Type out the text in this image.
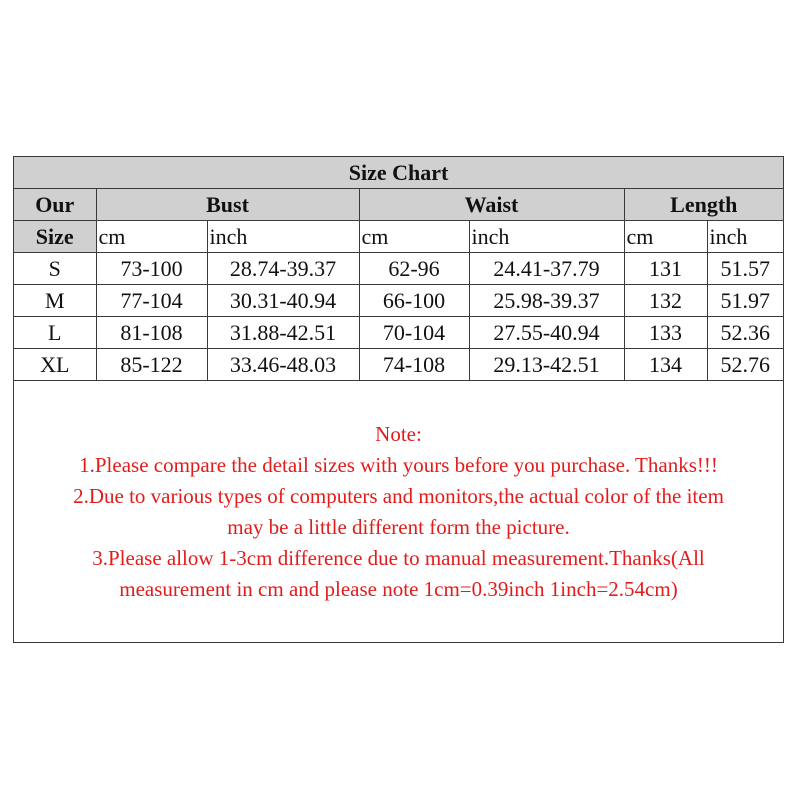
Size Chart						
Our	Bust		Waist		Length	
Size	cm	inch	cm	inch	cm	inch
S	73-100	28.74-39.37	62-96	24.41-37.79	131	51.57
M	77-104	30.31-40.94	66-100	25.98-39.37	132	51.97
L	81-108	31.88-42.51	70-104	27.55-40.94	133	52.36
XL	85-122	33.46-48.03	74-108	29.13-42.51	134	52.76
Note:
1.Please compare the detail sizes with yours before you purchase. Thanks!!!
2.Due to various types of computers and monitors,the actual color of the item
may be a little different form the picture.
3.Please allow 1-3cm difference due to manual measurement.Thanks(All
measurement in cm and please note 1cm=0.39inch 1inch=2.54cm)
